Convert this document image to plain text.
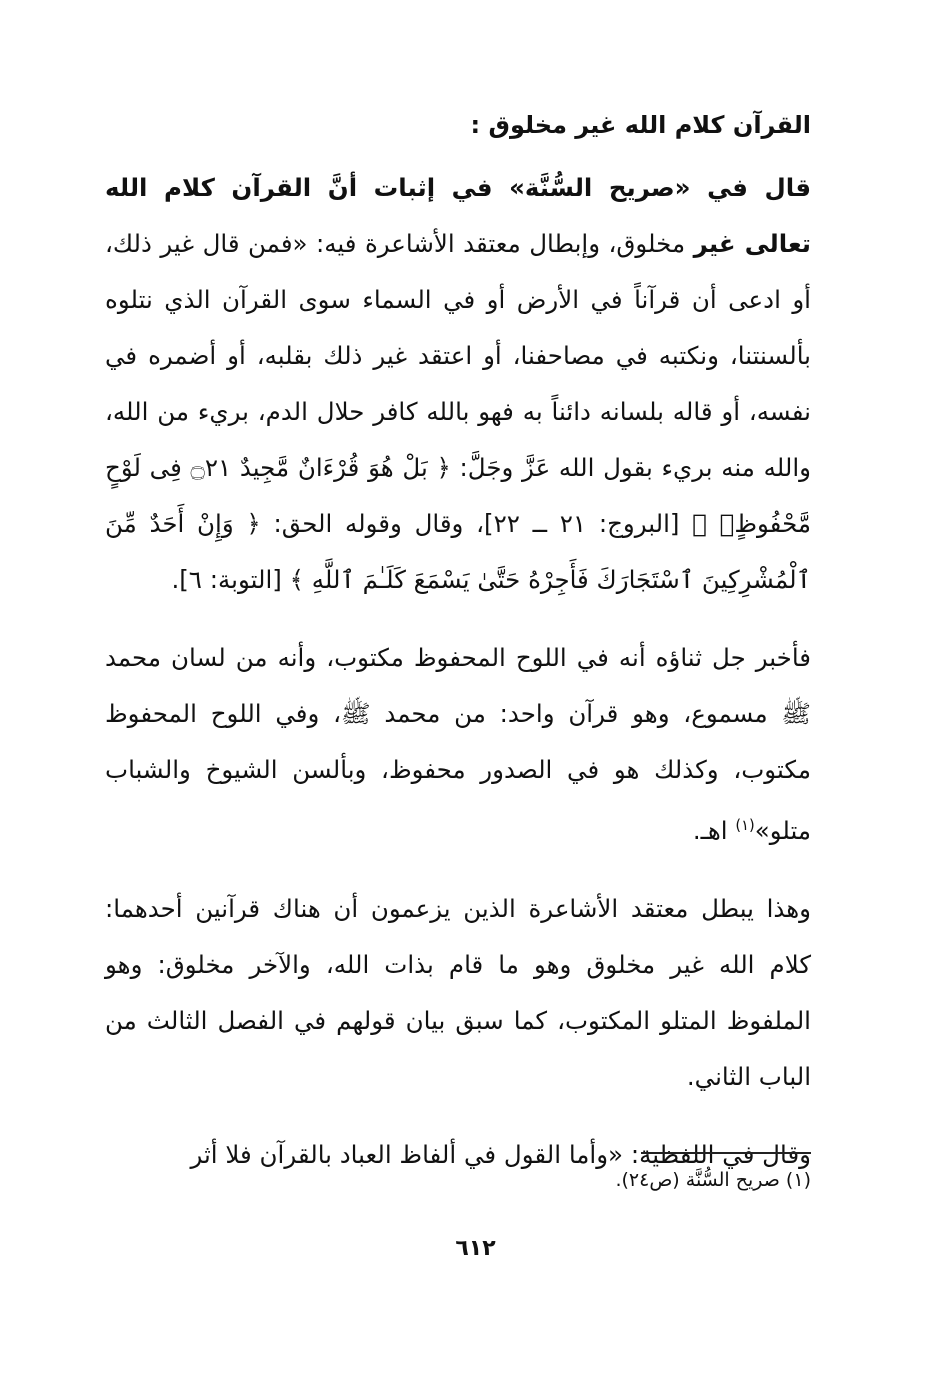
القرآن كلام الله غير مخلوق :

قال في «صريح السُّنَّة» في إثبات أنَّ القرآن كلام الله تعالى غير مخلوق، وإبطال معتقد الأشاعرة فيه: «فمن قال غير ذلك، أو ادعى أن قرآناً في الأرض أو في السماء سوى القرآن الذي نتلوه بألسنتنا، ونكتبه في مصاحفنا، أو اعتقد غير ذلك بقلبه، أو أضمره في نفسه، أو قاله بلسانه دائناً به فهو بالله كافر حلال الدم، بريء من الله، والله منه بريء بقول الله عَزَّ وجَلَّ: ﴿ بَلْ هُوَ قُرْءَانٌ مَّجِيدٌ ۝٢١ فِى لَوْحٍ مَّحْفُوظٍۭ ﴾ [البروج: ٢١ ــ ٢٢]، وقال وقوله الحق: ﴿ وَإِنْ أَحَدٌ مِّنَ ٱلْمُشْرِكِينَ ٱسْتَجَارَكَ فَأَجِرْهُ حَتَّىٰ يَسْمَعَ كَلَـٰمَ ٱللَّهِ ﴾ [التوبة: ٦].

فأخبر جل ثناؤه أنه في اللوح المحفوظ مكتوب، وأنه من لسان محمد ﷺ مسموع، وهو قرآن واحد: من محمد ﷺ، وفي اللوح المحفوظ مكتوب، وكذلك هو في الصدور محفوظ، وبألسن الشيوخ والشباب متلو»$^{(١)}$ اهـ.

وهذا يبطل معتقد الأشاعرة الذين يزعمون أن هناك قرآنين أحدهما: كلام الله غير مخلوق وهو ما قام بذات الله، والآخر مخلوق: وهو الملفوظ المتلو المكتوب، كما سبق بيان قولهم في الفصل الثالث من الباب الثاني.

وقال في اللفظية: «وأما القول في ألفاظ العباد بالقرآن فلا أثر

(١) صريح السُّنَّة (ص٢٤).
٦١٢
